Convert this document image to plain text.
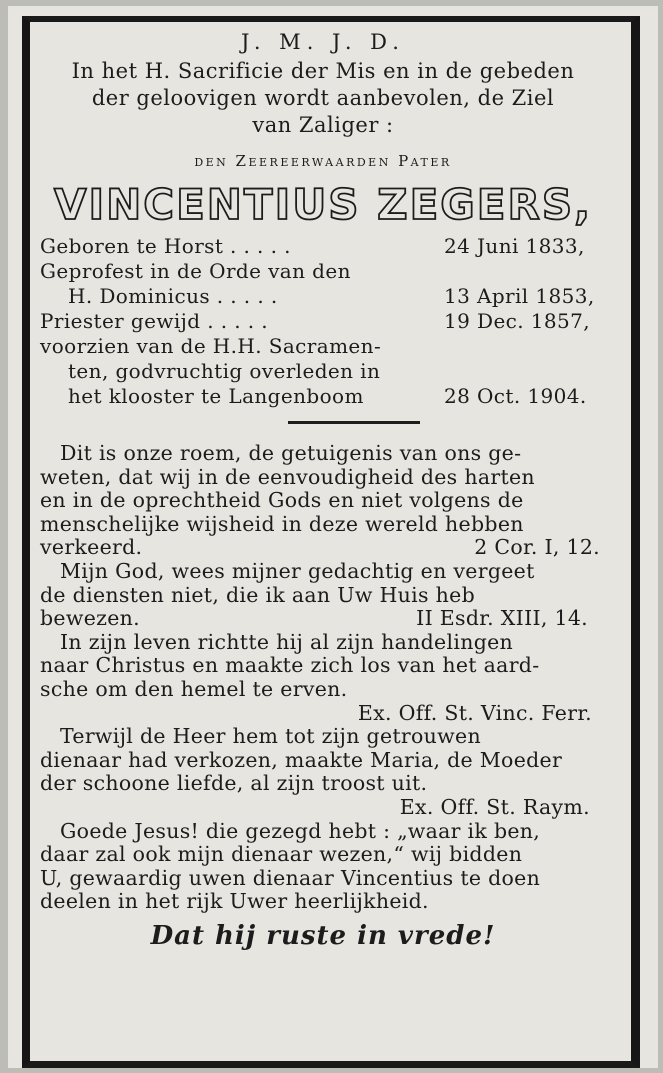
J. M. J. D.
In het H. Sacrificie der Mis en in de gebeden
der geloovigen wordt aanbevolen, de Ziel
van Zaliger :
den Zeereerwaarden Pater
VINCENTIUS ZEGERS,
Geboren te Horst . . . . .	24 Juni 1833,
Geprofest in de Orde van den
H. Dominicus . . . . .	13 April 1853,
Priester gewijd . . . . .	19 Dec. 1857,
voorzien van de H.H. Sacramen-
ten, godvruchtig overleden in
het klooster te Langenboom	28 Oct. 1904.

Dit is onze roem, de getuigenis van ons ge-

weten, dat wij in de eenvoudigheid des harten

en in de oprechtheid Gods en niet volgens de

menschelijke wijsheid in deze wereld hebben

verkeerd.	2 Cor. I, 12.

Mijn God, wees mijner gedachtig en vergeet

de diensten niet, die ik aan Uw Huis heb

bewezen.	II Esdr. XIII, 14.

In zijn leven richtte hij al zijn handelingen

naar Christus en maakte zich los van het aard-

sche om den hemel te erven.

Ex. Off. St. Vinc. Ferr.

Terwijl de Heer hem tot zijn getrouwen

dienaar had verkozen, maakte Maria, de Moeder

der schoone liefde, al zijn troost uit.

Ex. Off. St. Raym.

Goede Jesus! die gezegd hebt : „waar ik ben,

daar zal ook mijn dienaar wezen,“ wij bidden

U, gewaardig uwen dienaar Vincentius te doen

deelen in het rijk Uwer heerlijkheid.

Dat hij ruste in vrede!
